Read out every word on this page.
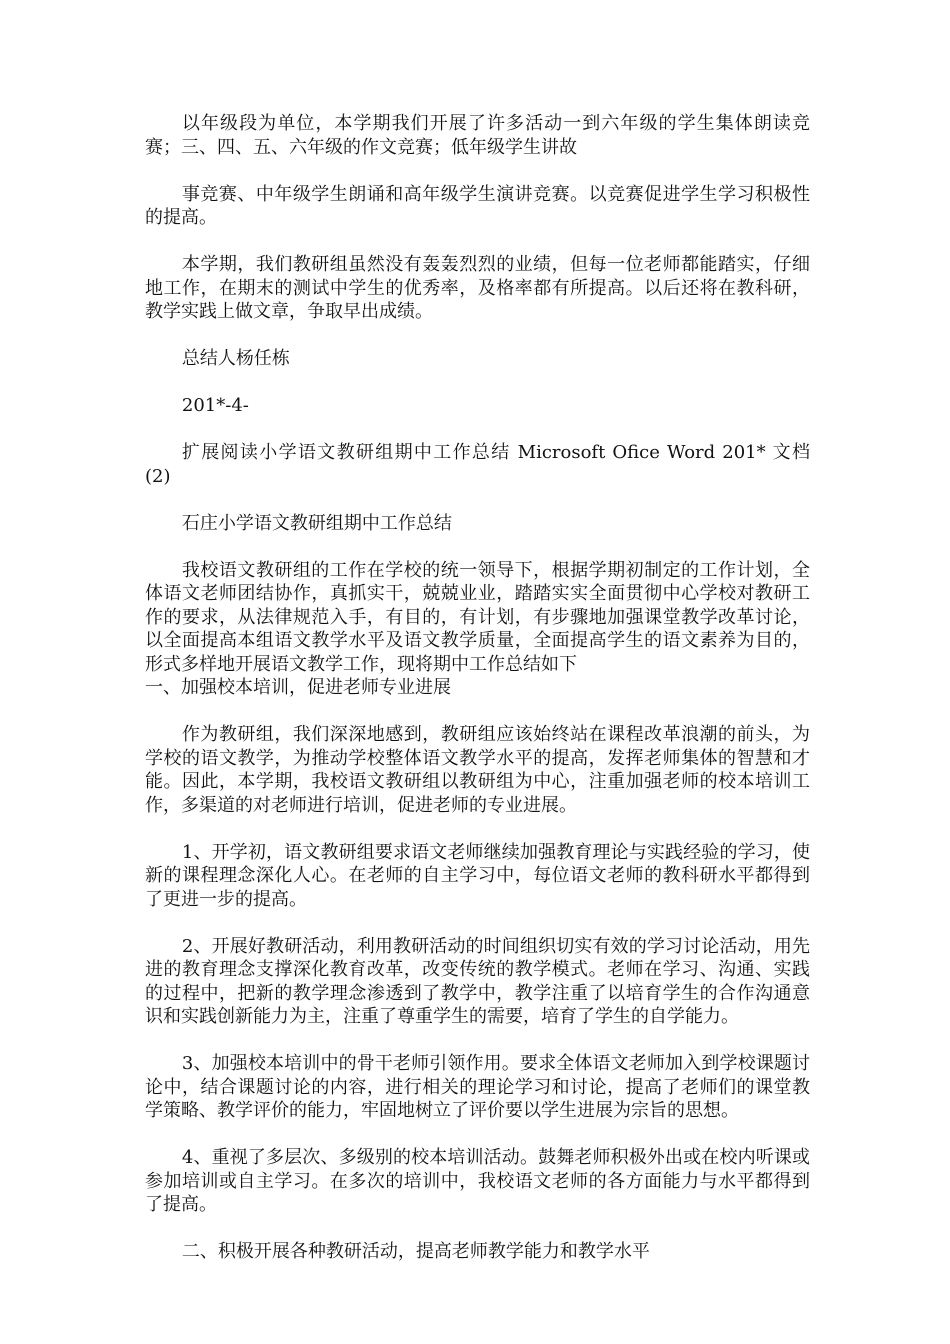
以年级段为单位，本学期我们开展了许多活动一到六年级的学生集体朗读竞赛；三、四、五、六年级的作文竞赛；低年级学生讲故

事竞赛、中年级学生朗诵和高年级学生演讲竞赛。以竞赛促进学生学习积极性的提高。

本学期，我们教研组虽然没有轰轰烈烈的业绩，但每一位老师都能踏实，仔细地工作，在期末的测试中学生的优秀率，及格率都有所提高。以后还将在教科研，教学实践上做文章，争取早出成绩。

总结人杨任栋

201*-4-

扩展阅读小学语文教研组期中工作总结 Microsoft Ofice Word 201* 文档 (2)

石庄小学语文教研组期中工作总结

我校语文教研组的工作在学校的统一领导下，根据学期初制定的工作计划，全体语文老师团结协作，真抓实干，兢兢业业，踏踏实实全面贯彻中心学校对教研工作的要求，从法律规范入手，有目的，有计划，有步骤地加强课堂教学改革讨论，以全面提高本组语文教学水平及语文教学质量，全面提高学生的语文素养为目的，形式多样地开展语文教学工作，现将期中工作总结如下

一、加强校本培训，促进老师专业进展

作为教研组，我们深深地感到，教研组应该始终站在课程改革浪潮的前头，为学校的语文教学，为推动学校整体语文教学水平的提高，发挥老师集体的智慧和才能。因此，本学期，我校语文教研组以教研组为中心，注重加强老师的校本培训工作，多渠道的对老师进行培训，促进老师的专业进展。

1、开学初，语文教研组要求语文老师继续加强教育理论与实践经验的学习，使新的课程理念深化人心。在老师的自主学习中，每位语文老师的教科研水平都得到了更进一步的提高。

2、开展好教研活动，利用教研活动的时间组织切实有效的学习讨论活动，用先进的教育理念支撑深化教育改革，改变传统的教学模式。老师在学习、沟通、实践的过程中，把新的教学理念渗透到了教学中，教学注重了以培育学生的合作沟通意识和实践创新能力为主，注重了尊重学生的需要，培育了学生的自学能力。

3、加强校本培训中的骨干老师引领作用。要求全体语文老师加入到学校课题讨论中，结合课题讨论的内容，进行相关的理论学习和讨论，提高了老师们的课堂教学策略、教学评价的能力，牢固地树立了评价要以学生进展为宗旨的思想。

4、重视了多层次、多级别的校本培训活动。鼓舞老师积极外出或在校内听课或参加培训或自主学习。在多次的培训中，我校语文老师的各方面能力与水平都得到了提高。

二、积极开展各种教研活动，提高老师教学能力和教学水平
